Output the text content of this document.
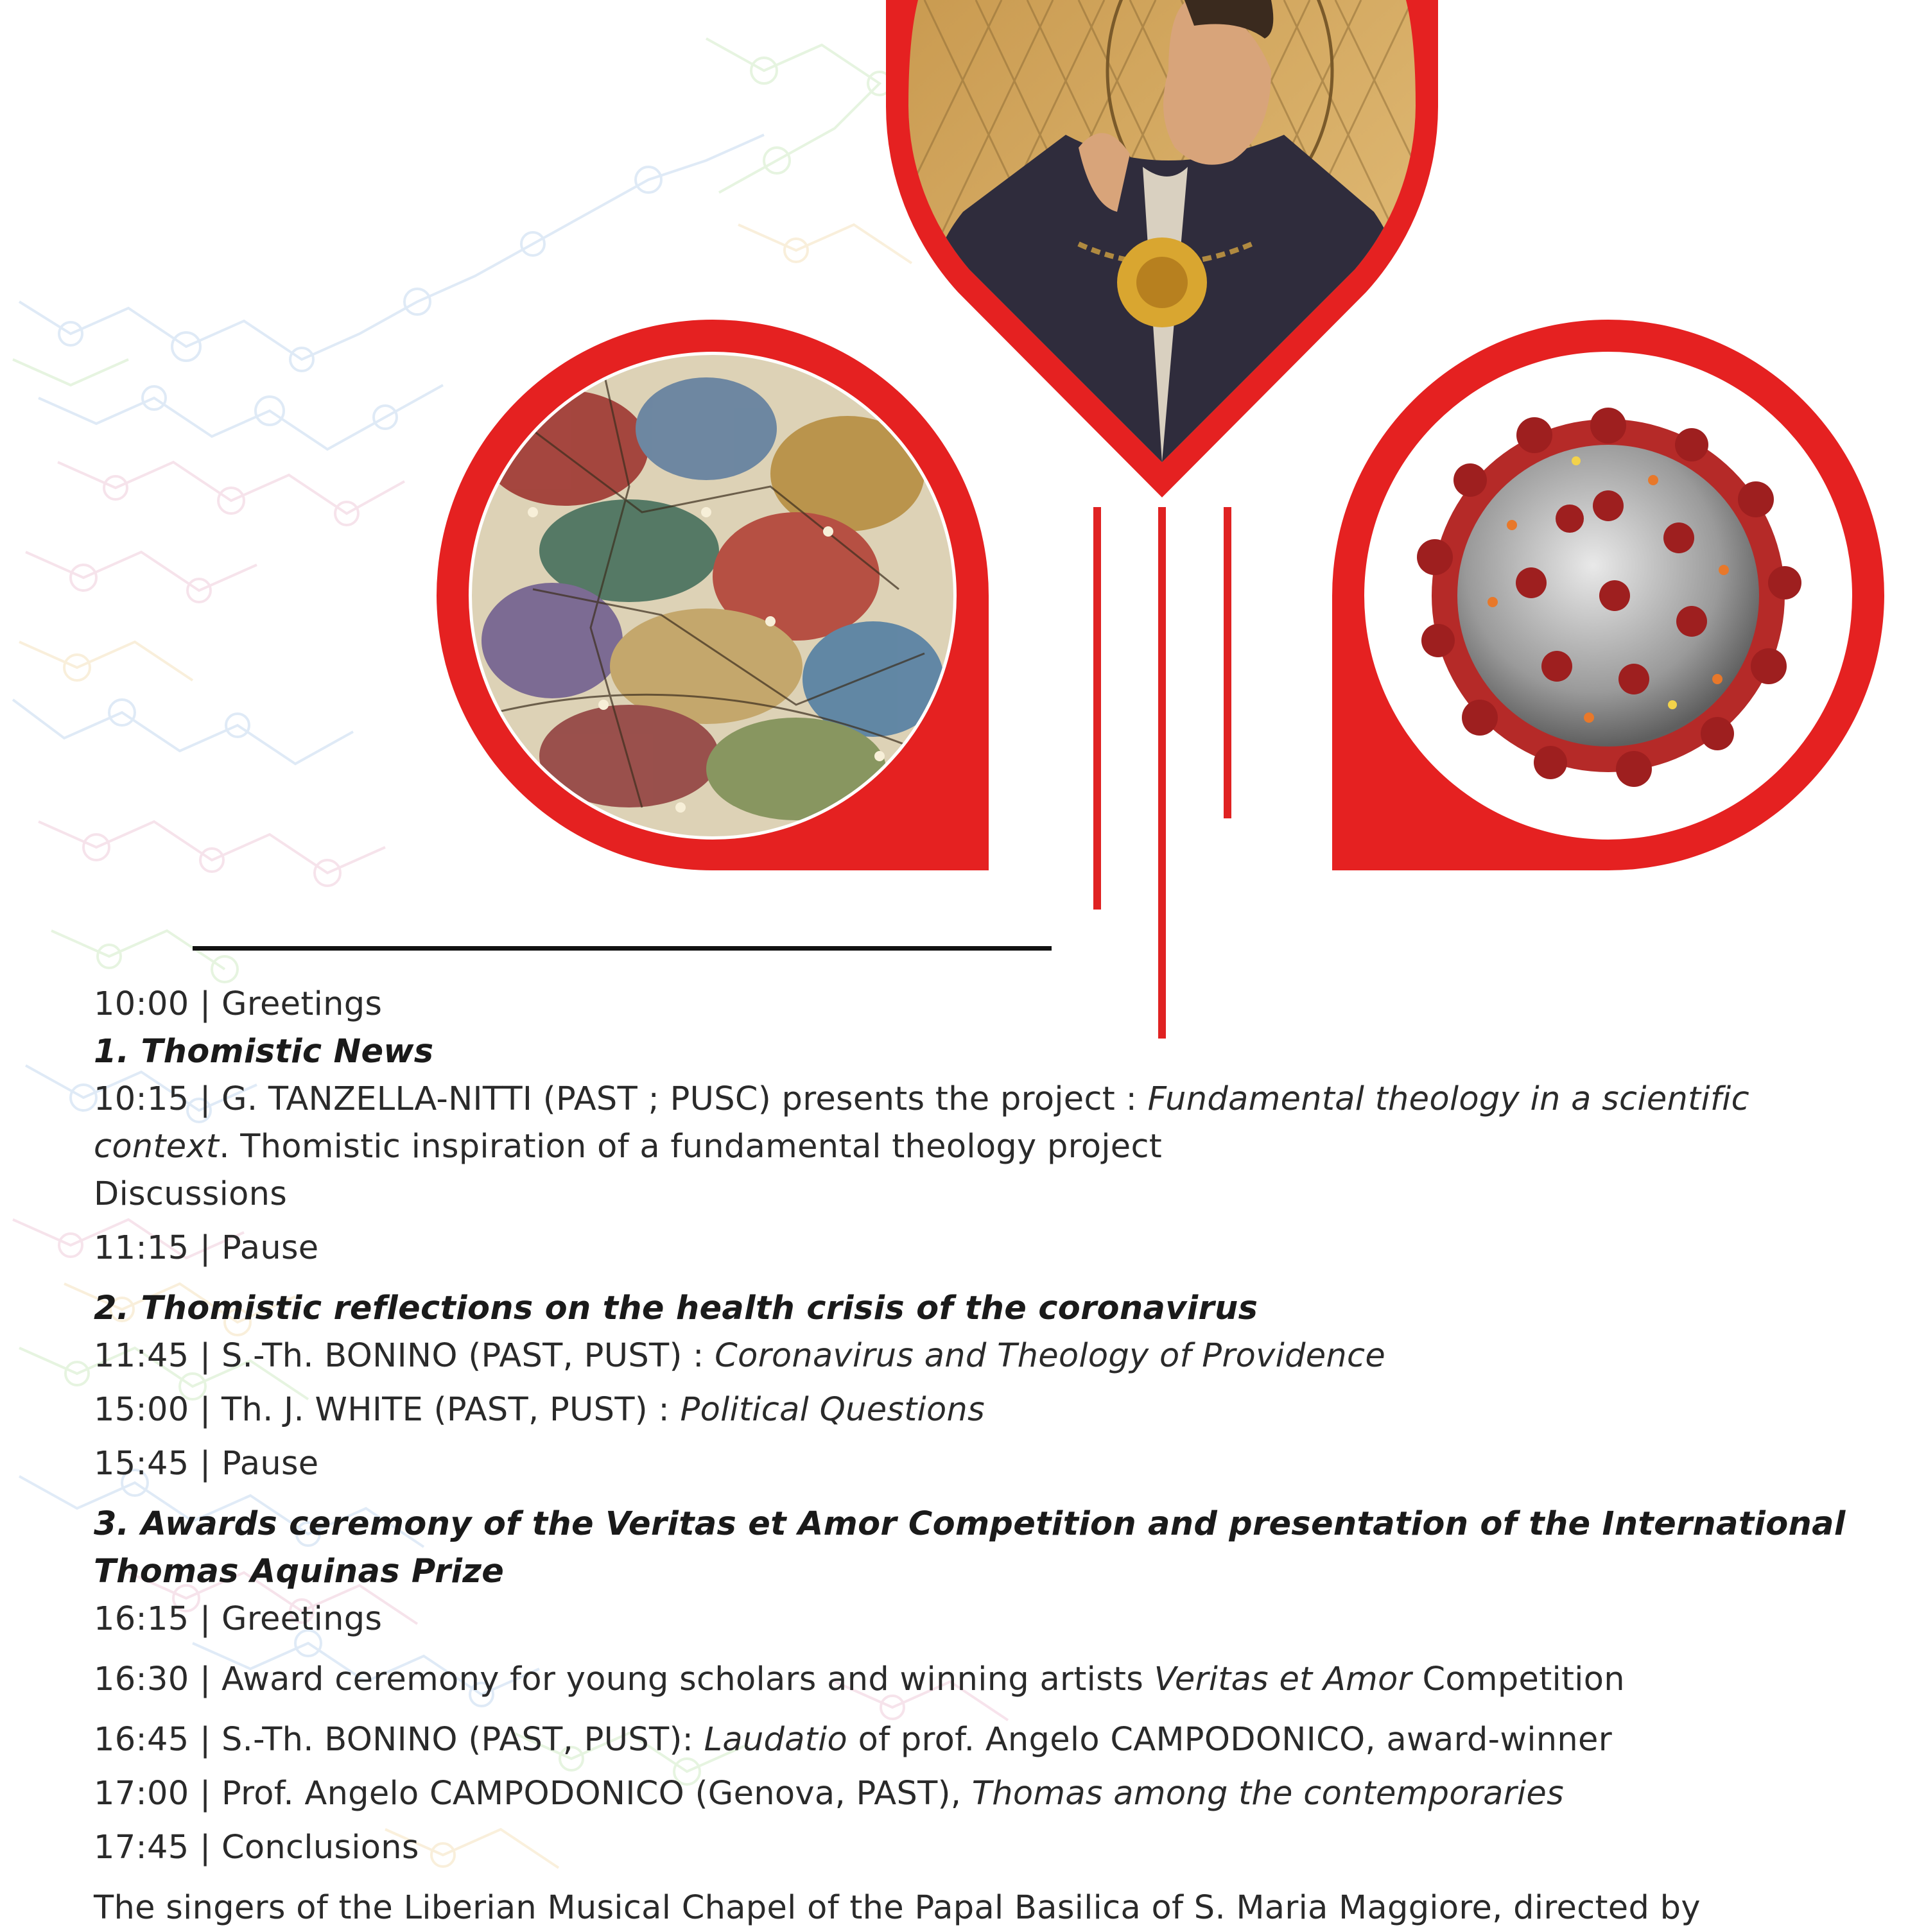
10:00 | Greetings

1. Thomistic News

10:15 | G. TANZELLA-NITTI (PAST ; PUSC) presents the project : Fundamental theology in a scientific context. Thomistic inspiration of a fundamental theology project

Discussions

11:15 | Pause

2. Thomistic reflections on the health crisis of the coronavirus

11:45 | S.-Th. BONINO (PAST, PUST) : Coronavirus and Theology of Providence

15:00 | Th. J. WHITE (PAST, PUST) : Political Questions

15:45 | Pause

3. Awards ceremony of the Veritas et Amor Competition and presentation of the International Thomas Aquinas Prize

16:15 | Greetings

16:30 | Award ceremony for young scholars and winning artists Veritas et Amor Competition

16:45 | S.-Th. BONINO (PAST, PUST): Laudatio of prof. Angelo CAMPODONICO, award-winner

17:00 | Prof. Angelo CAMPODONICO (Genova, PAST), Thomas among the contemporaries

17:45 | Conclusions

The singers of the Liberian Musical Chapel of the Papal Basilica of S. Maria Maggiore, directed by
